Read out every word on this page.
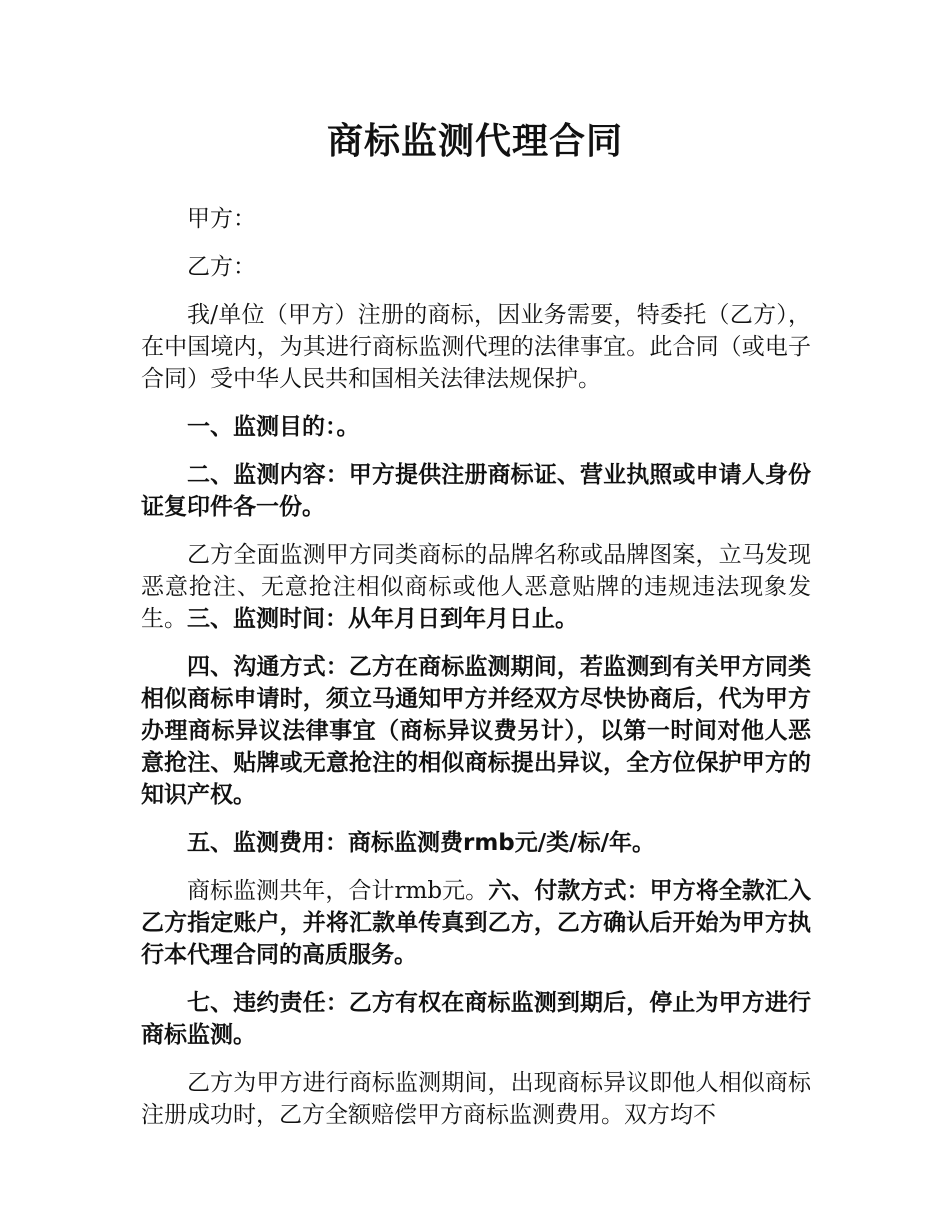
商标监测代理合同

甲方：

乙方：

我/单位（甲方）注册的商标，因业务需要，特委托（乙方），在中国境内，为其进行商标监测代理的法律事宜。此合同（或电子合同）受中华人民共和国相关法律法规保护。

一、监测目的：。

二、监测内容：甲方提供注册商标证、营业执照或申请人身份证复印件各一份。

乙方全面监测甲方同类商标的品牌名称或品牌图案，立马发现恶意抢注、无意抢注相似商标或他人恶意贴牌的违规违法现象发生。三、监测时间：从年月日到年月日止。

四、沟通方式：乙方在商标监测期间，若监测到有关甲方同类相似商标申请时，须立马通知甲方并经双方尽快协商后，代为甲方办理商标异议法律事宜（商标异议费另计），以第一时间对他人恶意抢注、贴牌或无意抢注的相似商标提出异议，全方位保护甲方的知识产权。

五、监测费用：商标监测费rmb元/类/标/年。

商标监测共年，合计rmb元。六、付款方式：甲方将全款汇入乙方指定账户，并将汇款单传真到乙方，乙方确认后开始为甲方执行本代理合同的高质服务。

七、违约责任：乙方有权在商标监测到期后，停止为甲方进行商标监测。

乙方为甲方进行商标监测期间，出现商标异议即他人相似商标注册成功时，乙方全额赔偿甲方商标监测费用。双方均不
